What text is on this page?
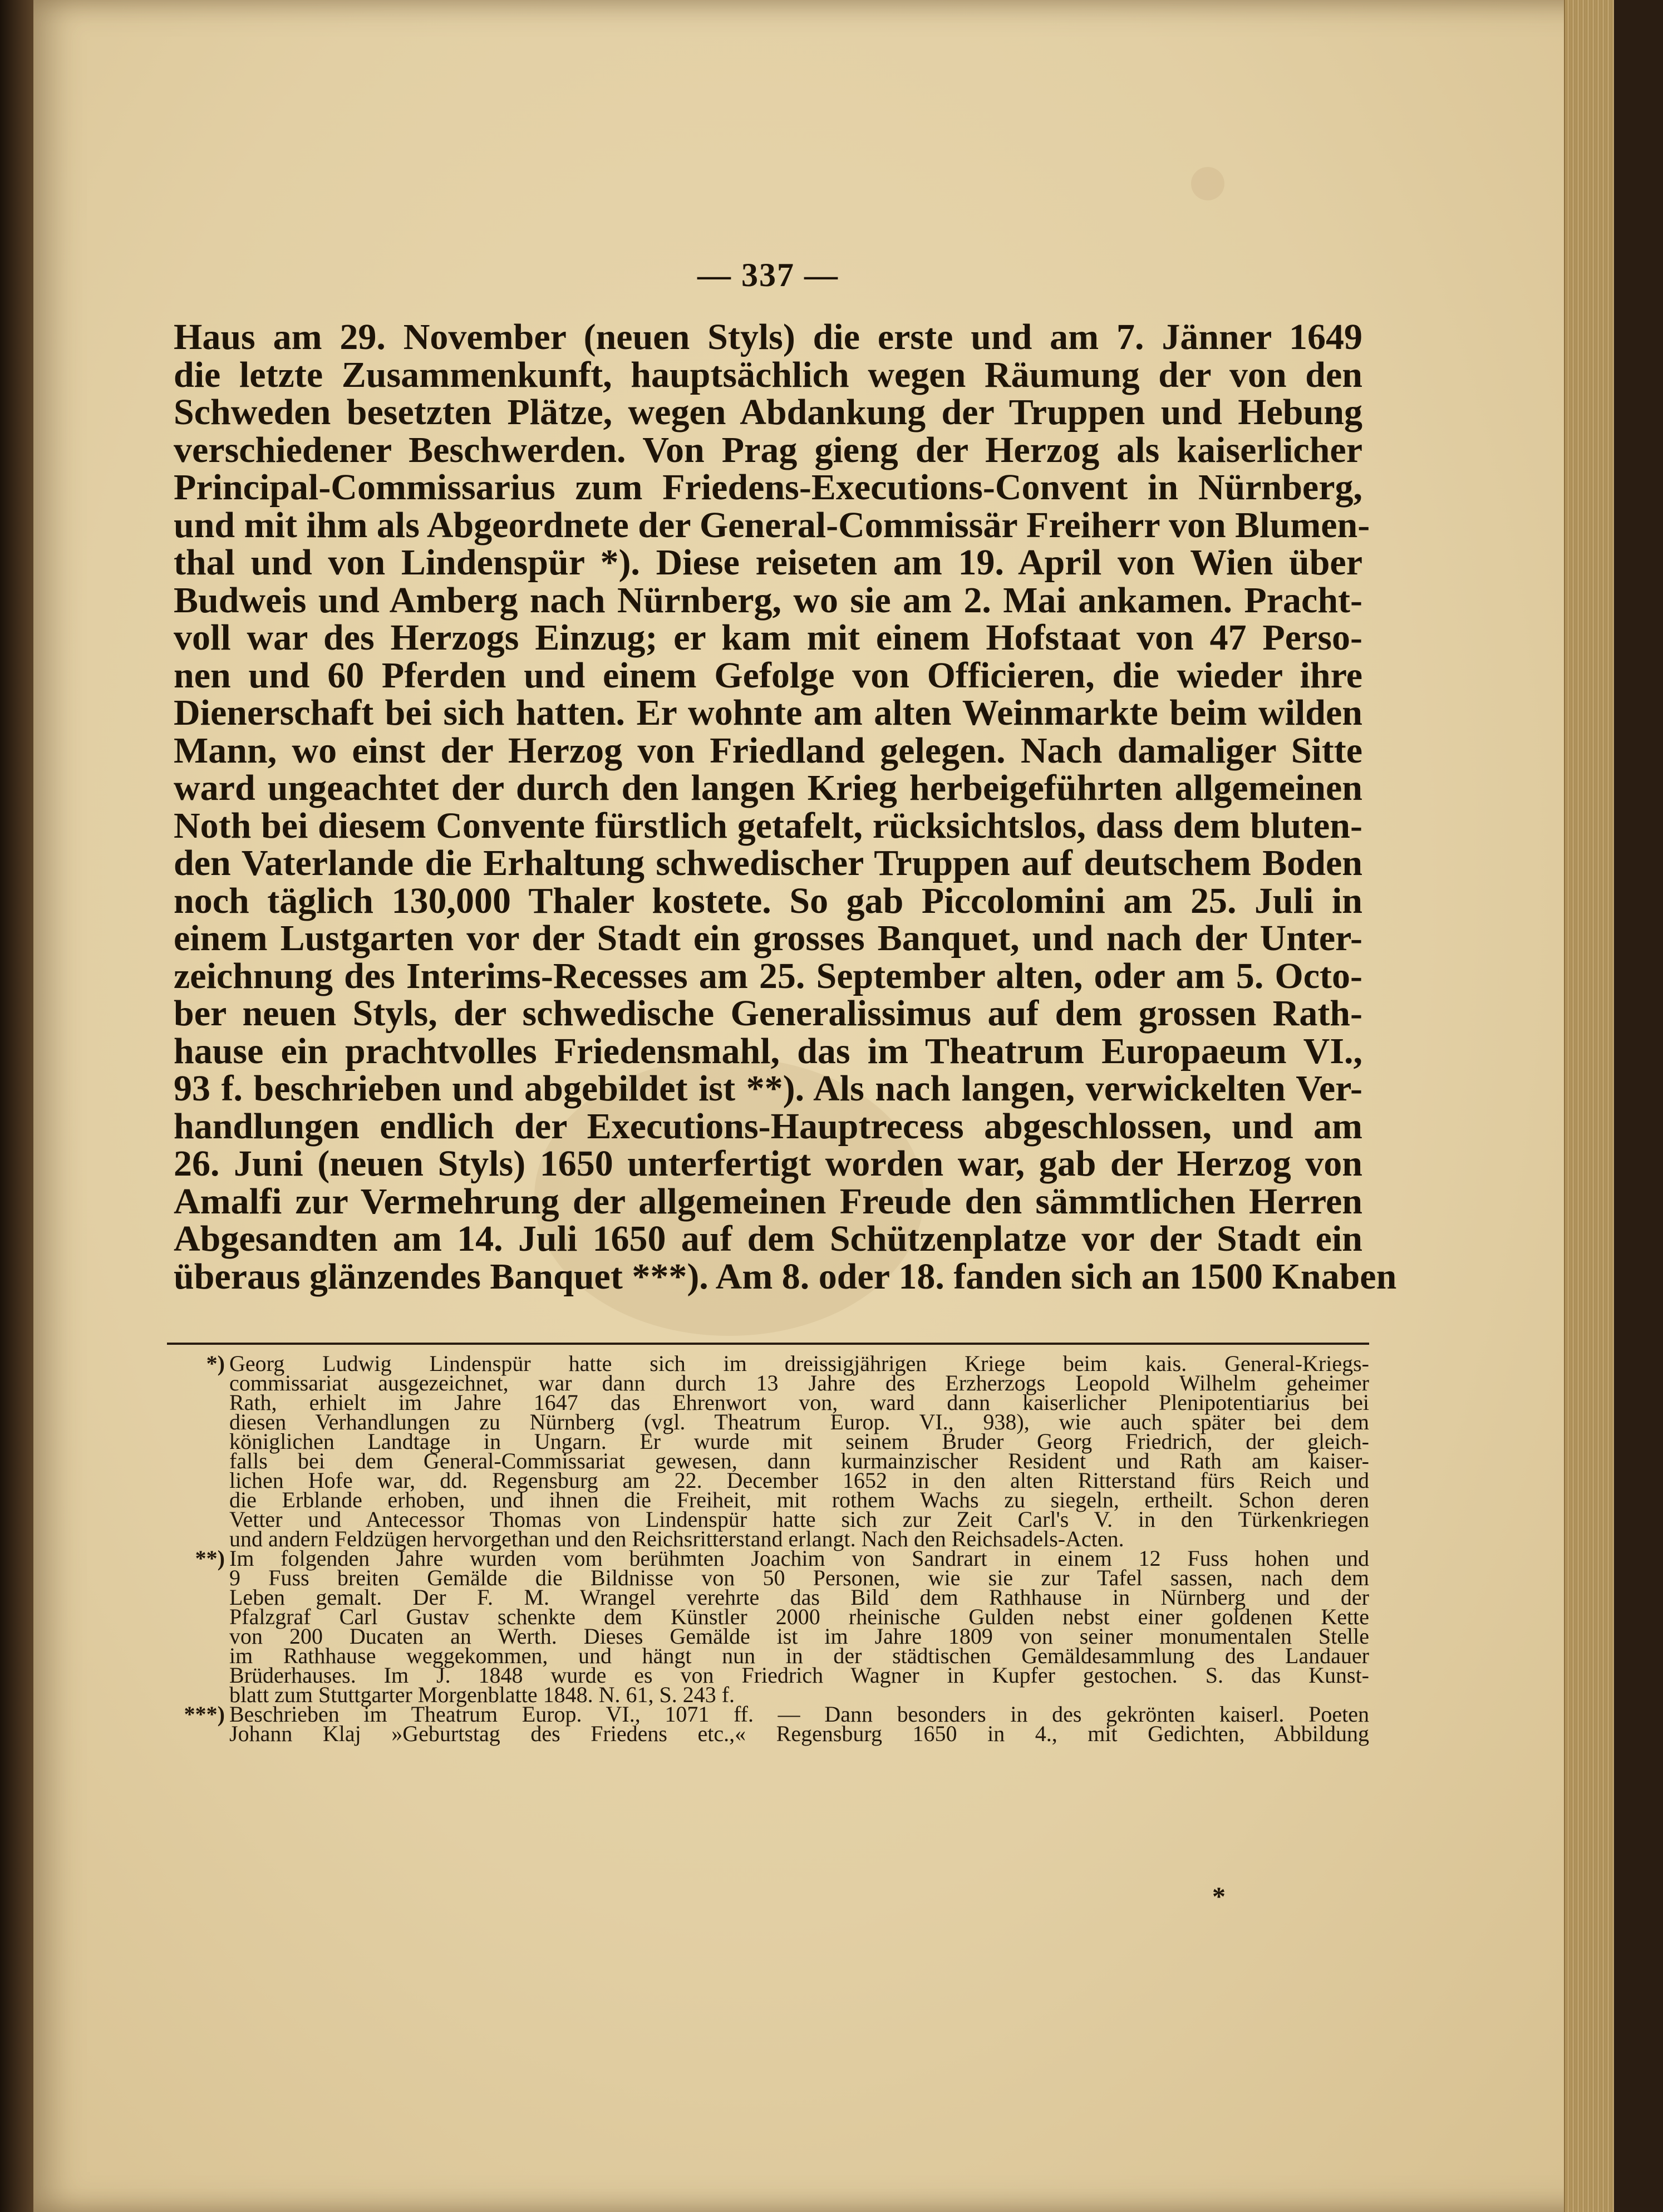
— 337 —
Haus am 29. November (neuen Styls) die erste und am 7. Jänner 1649
die letzte Zusammenkunft, hauptsächlich wegen Räumung der von den
Schweden besetzten Plätze, wegen Abdankung der Truppen und Hebung
verschiedener Beschwerden. Von Prag gieng der Herzog als kaiserlicher
Principal-Commissarius zum Friedens-Executions-Convent in Nürnberg,
und mit ihm als Abgeordnete der General-Commissär Freiherr von Blumen-
thal und von Lindenspür *). Diese reiseten am 19. April von Wien über
Budweis und Amberg nach Nürnberg, wo sie am 2. Mai ankamen. Pracht-
voll war des Herzogs Einzug; er kam mit einem Hofstaat von 47 Perso-
nen und 60 Pferden und einem Gefolge von Officieren, die wieder ihre
Dienerschaft bei sich hatten. Er wohnte am alten Weinmarkte beim wilden
Mann, wo einst der Herzog von Friedland gelegen. Nach damaliger Sitte
ward ungeachtet der durch den langen Krieg herbeigeführten allgemeinen
Noth bei diesem Convente fürstlich getafelt, rücksichtslos, dass dem bluten-
den Vaterlande die Erhaltung schwedischer Truppen auf deutschem Boden
noch täglich 130,000 Thaler kostete. So gab Piccolomini am 25. Juli in
einem Lustgarten vor der Stadt ein grosses Banquet, und nach der Unter-
zeichnung des Interims-Recesses am 25. September alten, oder am 5. Octo-
ber neuen Styls, der schwedische Generalissimus auf dem grossen Rath-
hause ein prachtvolles Friedensmahl, das im Theatrum Europaeum VI.,
93 f. beschrieben und abgebildet ist **). Als nach langen, verwickelten Ver-
handlungen endlich der Executions-Hauptrecess abgeschlossen, und am
26. Juni (neuen Styls) 1650 unterfertigt worden war, gab der Herzog von
Amalfi zur Vermehrung der allgemeinen Freude den sämmtlichen Herren
Abgesandten am 14. Juli 1650 auf dem Schützenplatze vor der Stadt ein
überaus glänzendes Banquet ***). Am 8. oder 18. fanden sich an 1500 Knaben
*) Georg Ludwig Lindenspür hatte sich im dreissigjährigen Kriege beim kais. General-Kriegs-
commissariat ausgezeichnet, war dann durch 13 Jahre des Erzherzogs Leopold Wilhelm geheimer
Rath, erhielt im Jahre 1647 das Ehrenwort von, ward dann kaiserlicher Plenipotentiarius bei
diesen Verhandlungen zu Nürnberg (vgl. Theatrum Europ. VI., 938), wie auch später bei dem
königlichen Landtage in Ungarn. Er wurde mit seinem Bruder Georg Friedrich, der gleich-
falls bei dem General-Commissariat gewesen, dann kurmainzischer Resident und Rath am kaiser-
lichen Hofe war, dd. Regensburg am 22. December 1652 in den alten Ritterstand fürs Reich und
die Erblande erhoben, und ihnen die Freiheit, mit rothem Wachs zu siegeln, ertheilt. Schon deren
Vetter und Antecessor Thomas von Lindenspür hatte sich zur Zeit Carl's V. in den Türkenkriegen
und andern Feldzügen hervorgethan und den Reichsritterstand erlangt. Nach den Reichsadels-Acten.
**) Im folgenden Jahre wurden vom berühmten Joachim von Sandrart in einem 12 Fuss hohen und
9 Fuss breiten Gemälde die Bildnisse von 50 Personen, wie sie zur Tafel sassen, nach dem
Leben gemalt. Der F. M. Wrangel verehrte das Bild dem Rathhause in Nürnberg und der
Pfalzgraf Carl Gustav schenkte dem Künstler 2000 rheinische Gulden nebst einer goldenen Kette
von 200 Ducaten an Werth. Dieses Gemälde ist im Jahre 1809 von seiner monumentalen Stelle
im Rathhause weggekommen, und hängt nun in der städtischen Gemäldesammlung des Landauer
Brüderhauses. Im J. 1848 wurde es von Friedrich Wagner in Kupfer gestochen. S. das Kunst-
blatt zum Stuttgarter Morgenblatte 1848. N. 61, S. 243 f.
***) Beschrieben im Theatrum Europ. VI., 1071 ff. — Dann besonders in des gekrönten kaiserl. Poeten
Johann Klaj »Geburtstag des Friedens etc.,« Regensburg 1650 in 4., mit Gedichten, Abbildung
*
